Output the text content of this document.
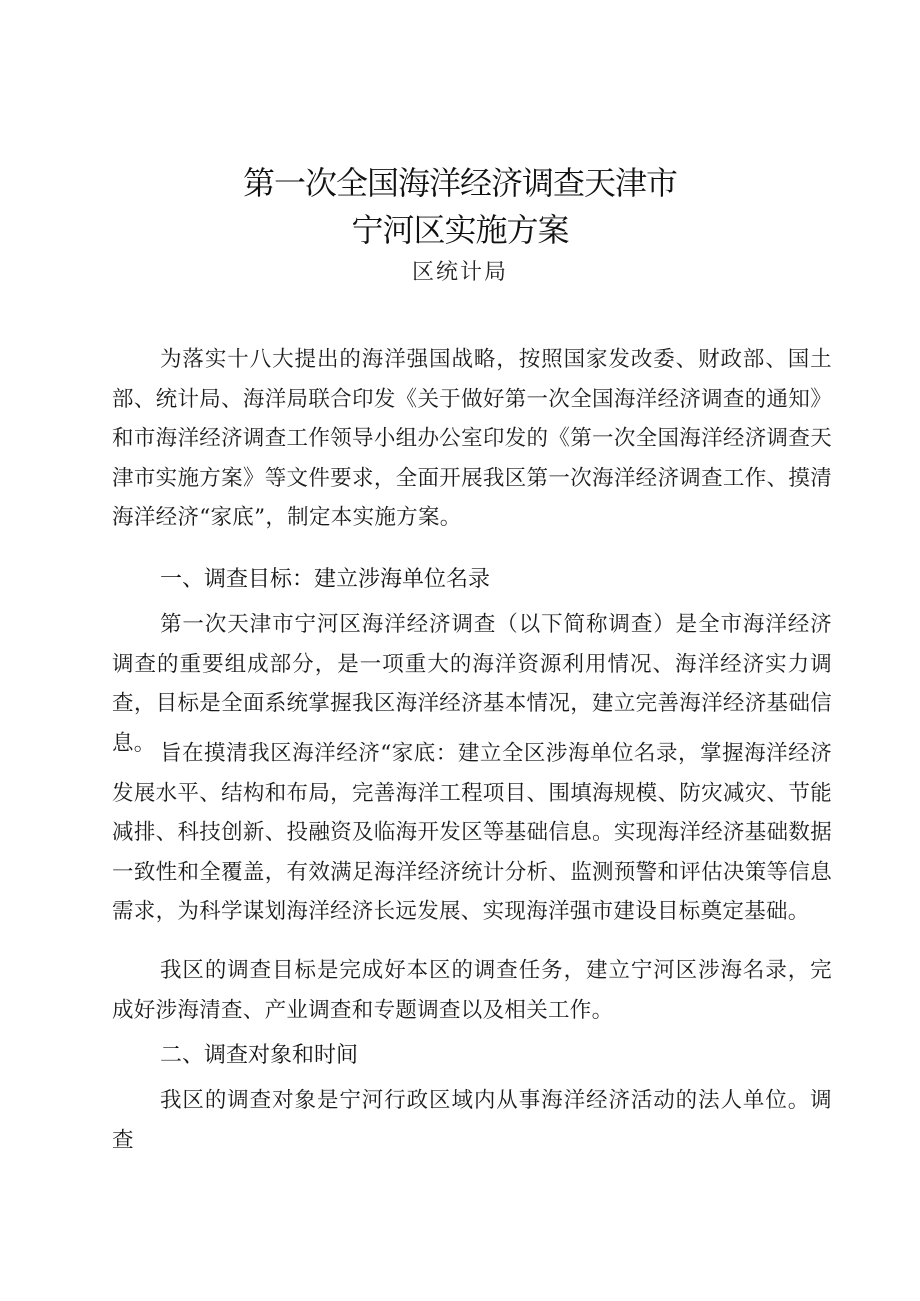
第一次全国海洋经济调查天津市
宁河区实施方案
区统计局
为落实十八大提出的海洋强国战略，按照国家发改委、财政部、国土部、统计局、海洋局联合印发《关于做好第一次全国海洋经济调查的通知》和市海洋经济调查工作领导小组办公室印发的《第一次全国海洋经济调查天津市实施方案》等文件要求，全面开展我区第一次海洋经济调查工作、摸清海洋经济“家底”，制定本实施方案。
一、调查目标：建立涉海单位名录
第一次天津市宁河区海洋经济调查（以下简称调查）是全市海洋经济调查的重要组成部分，是一项重大的海洋资源利用情况、海洋经济实力调查，目标是全面系统掌握我区海洋经济基本情况，建立完善海洋经济基础信息。 旨在摸清我区海洋经济“家底：建立全区涉海单位名录，掌握海洋经济发展水平、结构和布局，完善海洋工程项目、围填海规模、防灾减灾、节能减排、科技创新、投融资及临海开发区等基础信息。实现海洋经济基础数据一致性和全覆盖，有效满足海洋经济统计分析、监测预警和评估决策等信息需求，为科学谋划海洋经济长远发展、实现海洋强市建设目标奠定基础。
我区的调查目标是完成好本区的调查任务，建立宁河区涉海名录，完成好涉海清查、产业调查和专题调查以及相关工作。
二、调查对象和时间
我区的调查对象是宁河行政区域内从事海洋经济活动的法人单位。调查
